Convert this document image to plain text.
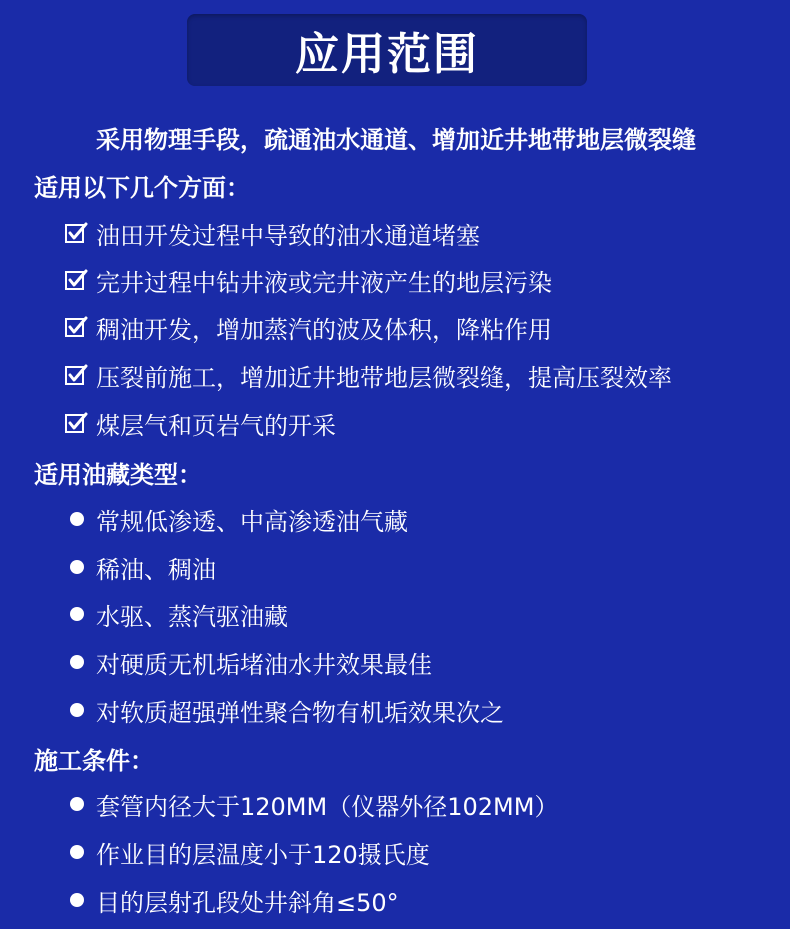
应用范围
采用物理手段，疏通油水通道、增加近井地带地层微裂缝
适用以下几个方面：
油田开发过程中导致的油水通道堵塞
完井过程中钻井液或完井液产生的地层污染
稠油开发，增加蒸汽的波及体积，降粘作用
压裂前施工，增加近井地带地层微裂缝，提高压裂效率
煤层气和页岩气的开采
适用油藏类型：
常规低渗透、中高渗透油气藏
稀油、稠油
水驱、蒸汽驱油藏
对硬质无机垢堵油水井效果最佳
对软质超强弹性聚合物有机垢效果次之
施工条件：
套管内径大于120MM（仪器外径102MM）
作业目的层温度小于120摄氏度
目的层射孔段处井斜角≤50°
